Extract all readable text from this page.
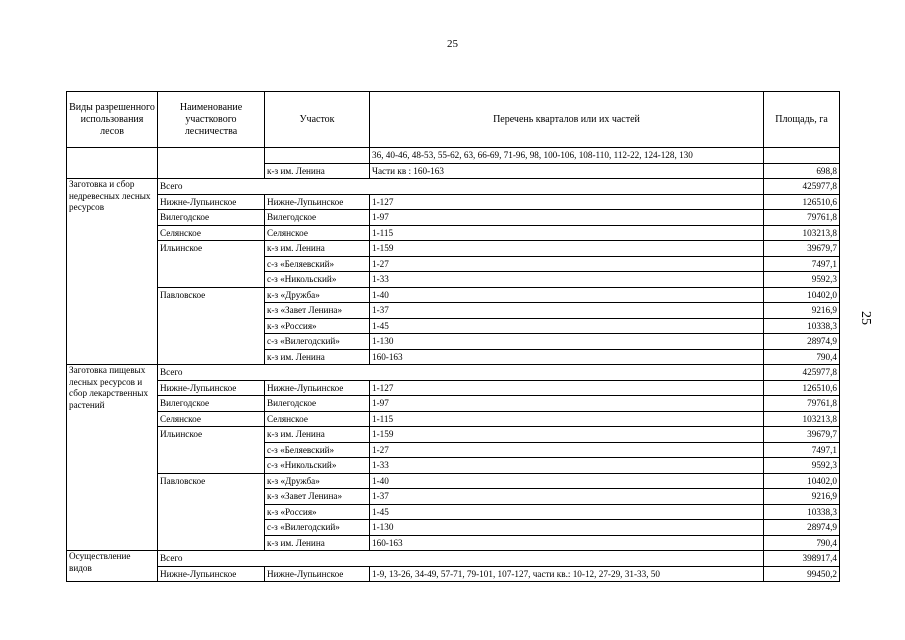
25
25
Виды разрешенного использования лесов	Наименование участкового лесничества	Участок	Перечень кварталов или их частей	Площадь, га
			36, 40-46, 48-53, 55-62, 63, 66-69, 71-96, 98, 100-106, 108-110, 112-22, 124-128, 130	
		к-з им. Ленина	Части кв : 160-163	698,8
Заготовка и сбор недревесных лесных ресурсов	Всего			425977,8
	Нижне-Лупьинское	Нижне-Лупьинское	1-127	126510,6
	Вилегодское	Вилегодское	1-97	79761,8
	Селянское	Селянское	1-115	103213,8
	Ильинское	к-з им. Ленина	1-159	39679,7
		с-з «Беляевский»	1-27	7497,1
		с-з «Никольский»	1-33	9592,3
	Павловское	к-з «Дружба»	1-40	10402,0
		к-з «Завет Ленина»	1-37	9216,9
		к-з «Россия»	1-45	10338,3
		с-з «Вилегодский»	1-130	28974,9
		к-з им. Ленина	160-163	790,4
Заготовка пищевых лесных ресурсов и сбор лекарственных растений	Всего			425977,8
	Нижне-Лупьинское	Нижне-Лупьинское	1-127	126510,6
	Вилегодское	Вилегодское	1-97	79761,8
	Селянское	Селянское	1-115	103213,8
	Ильинское	к-з им. Ленина	1-159	39679,7
		с-з «Беляевский»	1-27	7497,1
		с-з «Никольский»	1-33	9592,3
	Павловское	к-з «Дружба»	1-40	10402,0
		к-з «Завет Ленина»	1-37	9216,9
		к-з «Россия»	1-45	10338,3
		с-з «Вилегодский»	1-130	28974,9
		к-з им. Ленина	160-163	790,4
Осуществление видов	Всего			398917,4
	Нижне-Лупьинское	Нижне-Лупьинское	1-9, 13-26, 34-49, 57-71, 79-101, 107-127, части кв.: 10-12, 27-29, 31-33, 50	99450,2
